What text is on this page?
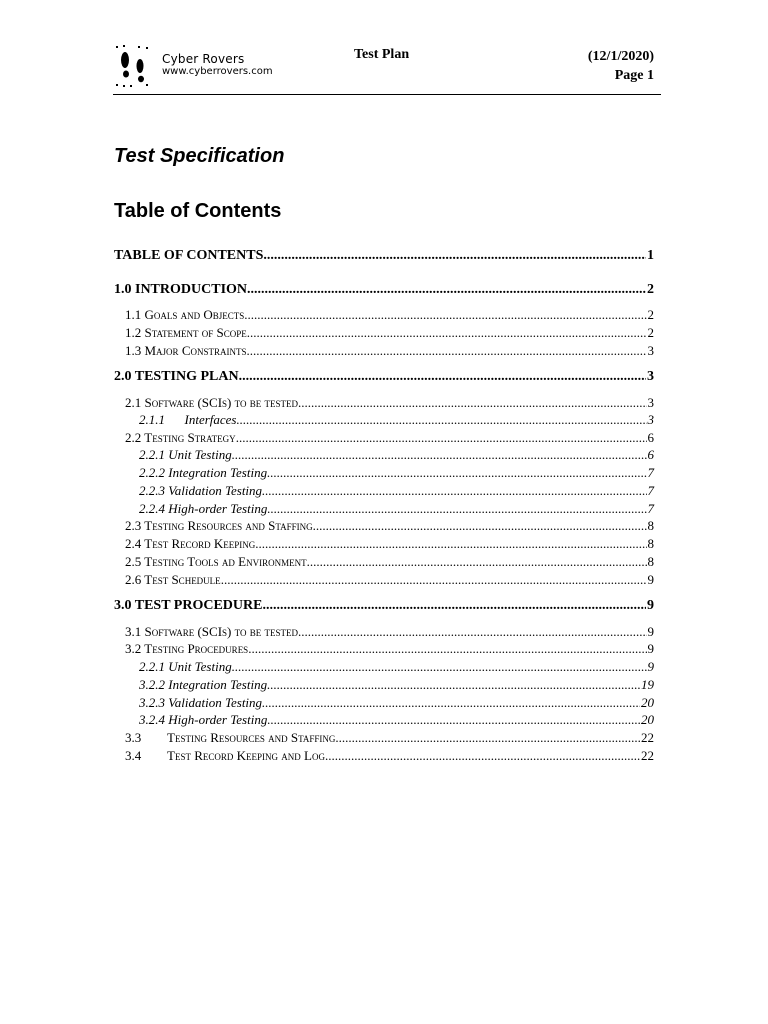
Cyber Rovers
www.cyberrovers.com
Test Plan	(12/1/2020)
Page 1
Test Specification
Table of Contents
TABLE OF CONTENTS .....	1
1.0 INTRODUCTION .....	2
1.1 Goals and Objects .....	2
1.2 Statement of Scope .....	2
1.3 Major Constraints .....	3
2.0 TESTING PLAN .....	3
2.1 Software (SCIs) to be tested .....	3
2.1.1      Interfaces .....	3
2.2 Testing Strategy .....	6
2.2.1 Unit Testing .....	6
2.2.2 Integration Testing .....	7
2.2.3 Validation Testing .....	7
2.2.4 High-order Testing .....	7
2.3 Testing Resources and Staffing .....	8
2.4 Test Record Keeping .....	8
2.5 Testing Tools ad Environment .....	8
2.6 Test Schedule .....	9
3.0 TEST PROCEDURE .....	9
3.1 Software (SCIs) to be tested .....	9
3.2 Testing Procedures .....	9
2.2.1 Unit Testing .....	9
3.2.2 Integration Testing .....	19
3.2.3 Validation Testing .....	20
3.2.4 High-order Testing .....	20
3.3        Testing Resources and Staffing .....	22
3.4        Test Record Keeping and Log .....	22
